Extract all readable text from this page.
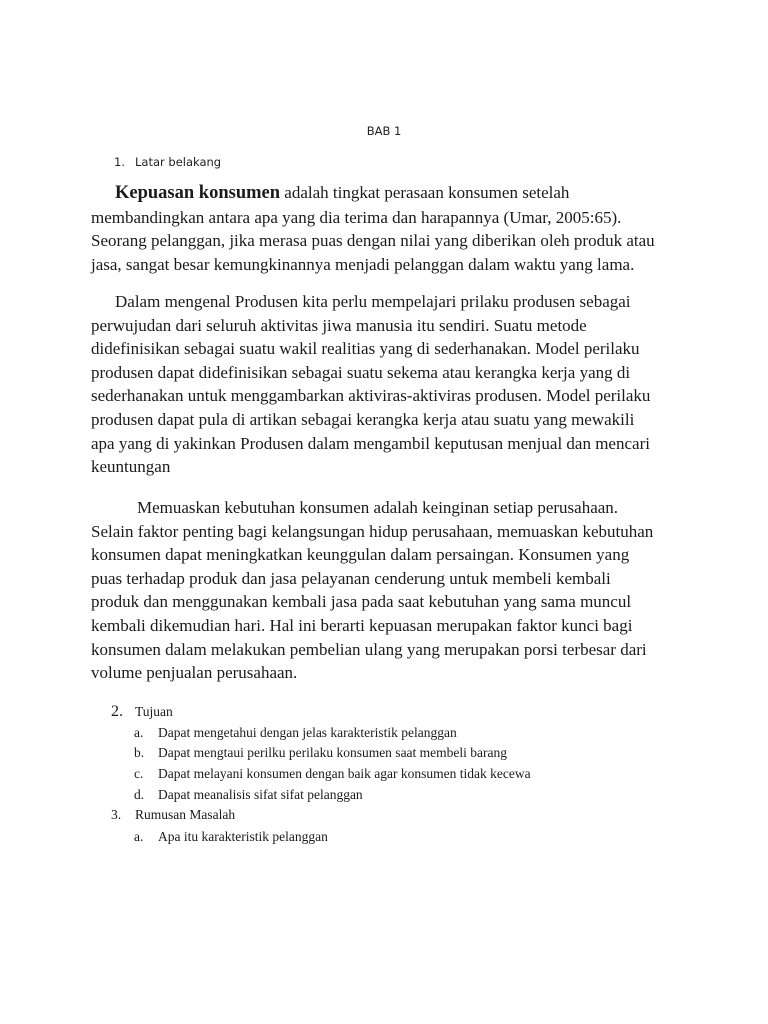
BAB 1
1. Latar belakang
Kepuasan konsumen adalah tingkat perasaan konsumen setelah
membandingkan antara apa yang dia terima dan harapannya (Umar, 2005:65).
Seorang pelanggan, jika merasa puas dengan nilai yang diberikan oleh produk atau
jasa, sangat besar kemungkinannya menjadi pelanggan dalam waktu yang lama.
Dalam mengenal Produsen kita perlu mempelajari prilaku produsen sebagai
perwujudan dari seluruh aktivitas jiwa manusia itu sendiri. Suatu metode
didefinisikan sebagai suatu wakil realitias yang di sederhanakan. Model perilaku
produsen dapat didefinisikan sebagai suatu sekema atau kerangka kerja yang di
sederhanakan untuk menggambarkan aktiviras-aktiviras produsen. Model perilaku
produsen dapat pula di artikan sebagai kerangka kerja atau suatu yang mewakili
apa yang di yakinkan Produsen dalam mengambil keputusan menjual dan mencari
keuntungan
Memuaskan kebutuhan konsumen adalah keinginan setiap perusahaan.
Selain faktor penting bagi kelangsungan hidup perusahaan, memuaskan kebutuhan
konsumen dapat meningkatkan keunggulan dalam persaingan. Konsumen yang
puas terhadap produk dan jasa pelayanan cenderung untuk membeli kembali
produk dan menggunakan kembali jasa pada saat kebutuhan yang sama muncul
kembali dikemudian hari. Hal ini berarti kepuasan merupakan faktor kunci bagi
konsumen dalam melakukan pembelian ulang yang merupakan porsi terbesar dari
volume penjualan perusahaan.
2. Tujuan
a. Dapat mengetahui dengan jelas karakteristik pelanggan
b. Dapat mengtaui perilku perilaku konsumen saat membeli barang
c. Dapat melayani konsumen dengan baik agar konsumen tidak kecewa
d. Dapat meanalisis sifat sifat pelanggan
3. Rumusan Masalah
a. Apa itu karakteristik pelanggan
